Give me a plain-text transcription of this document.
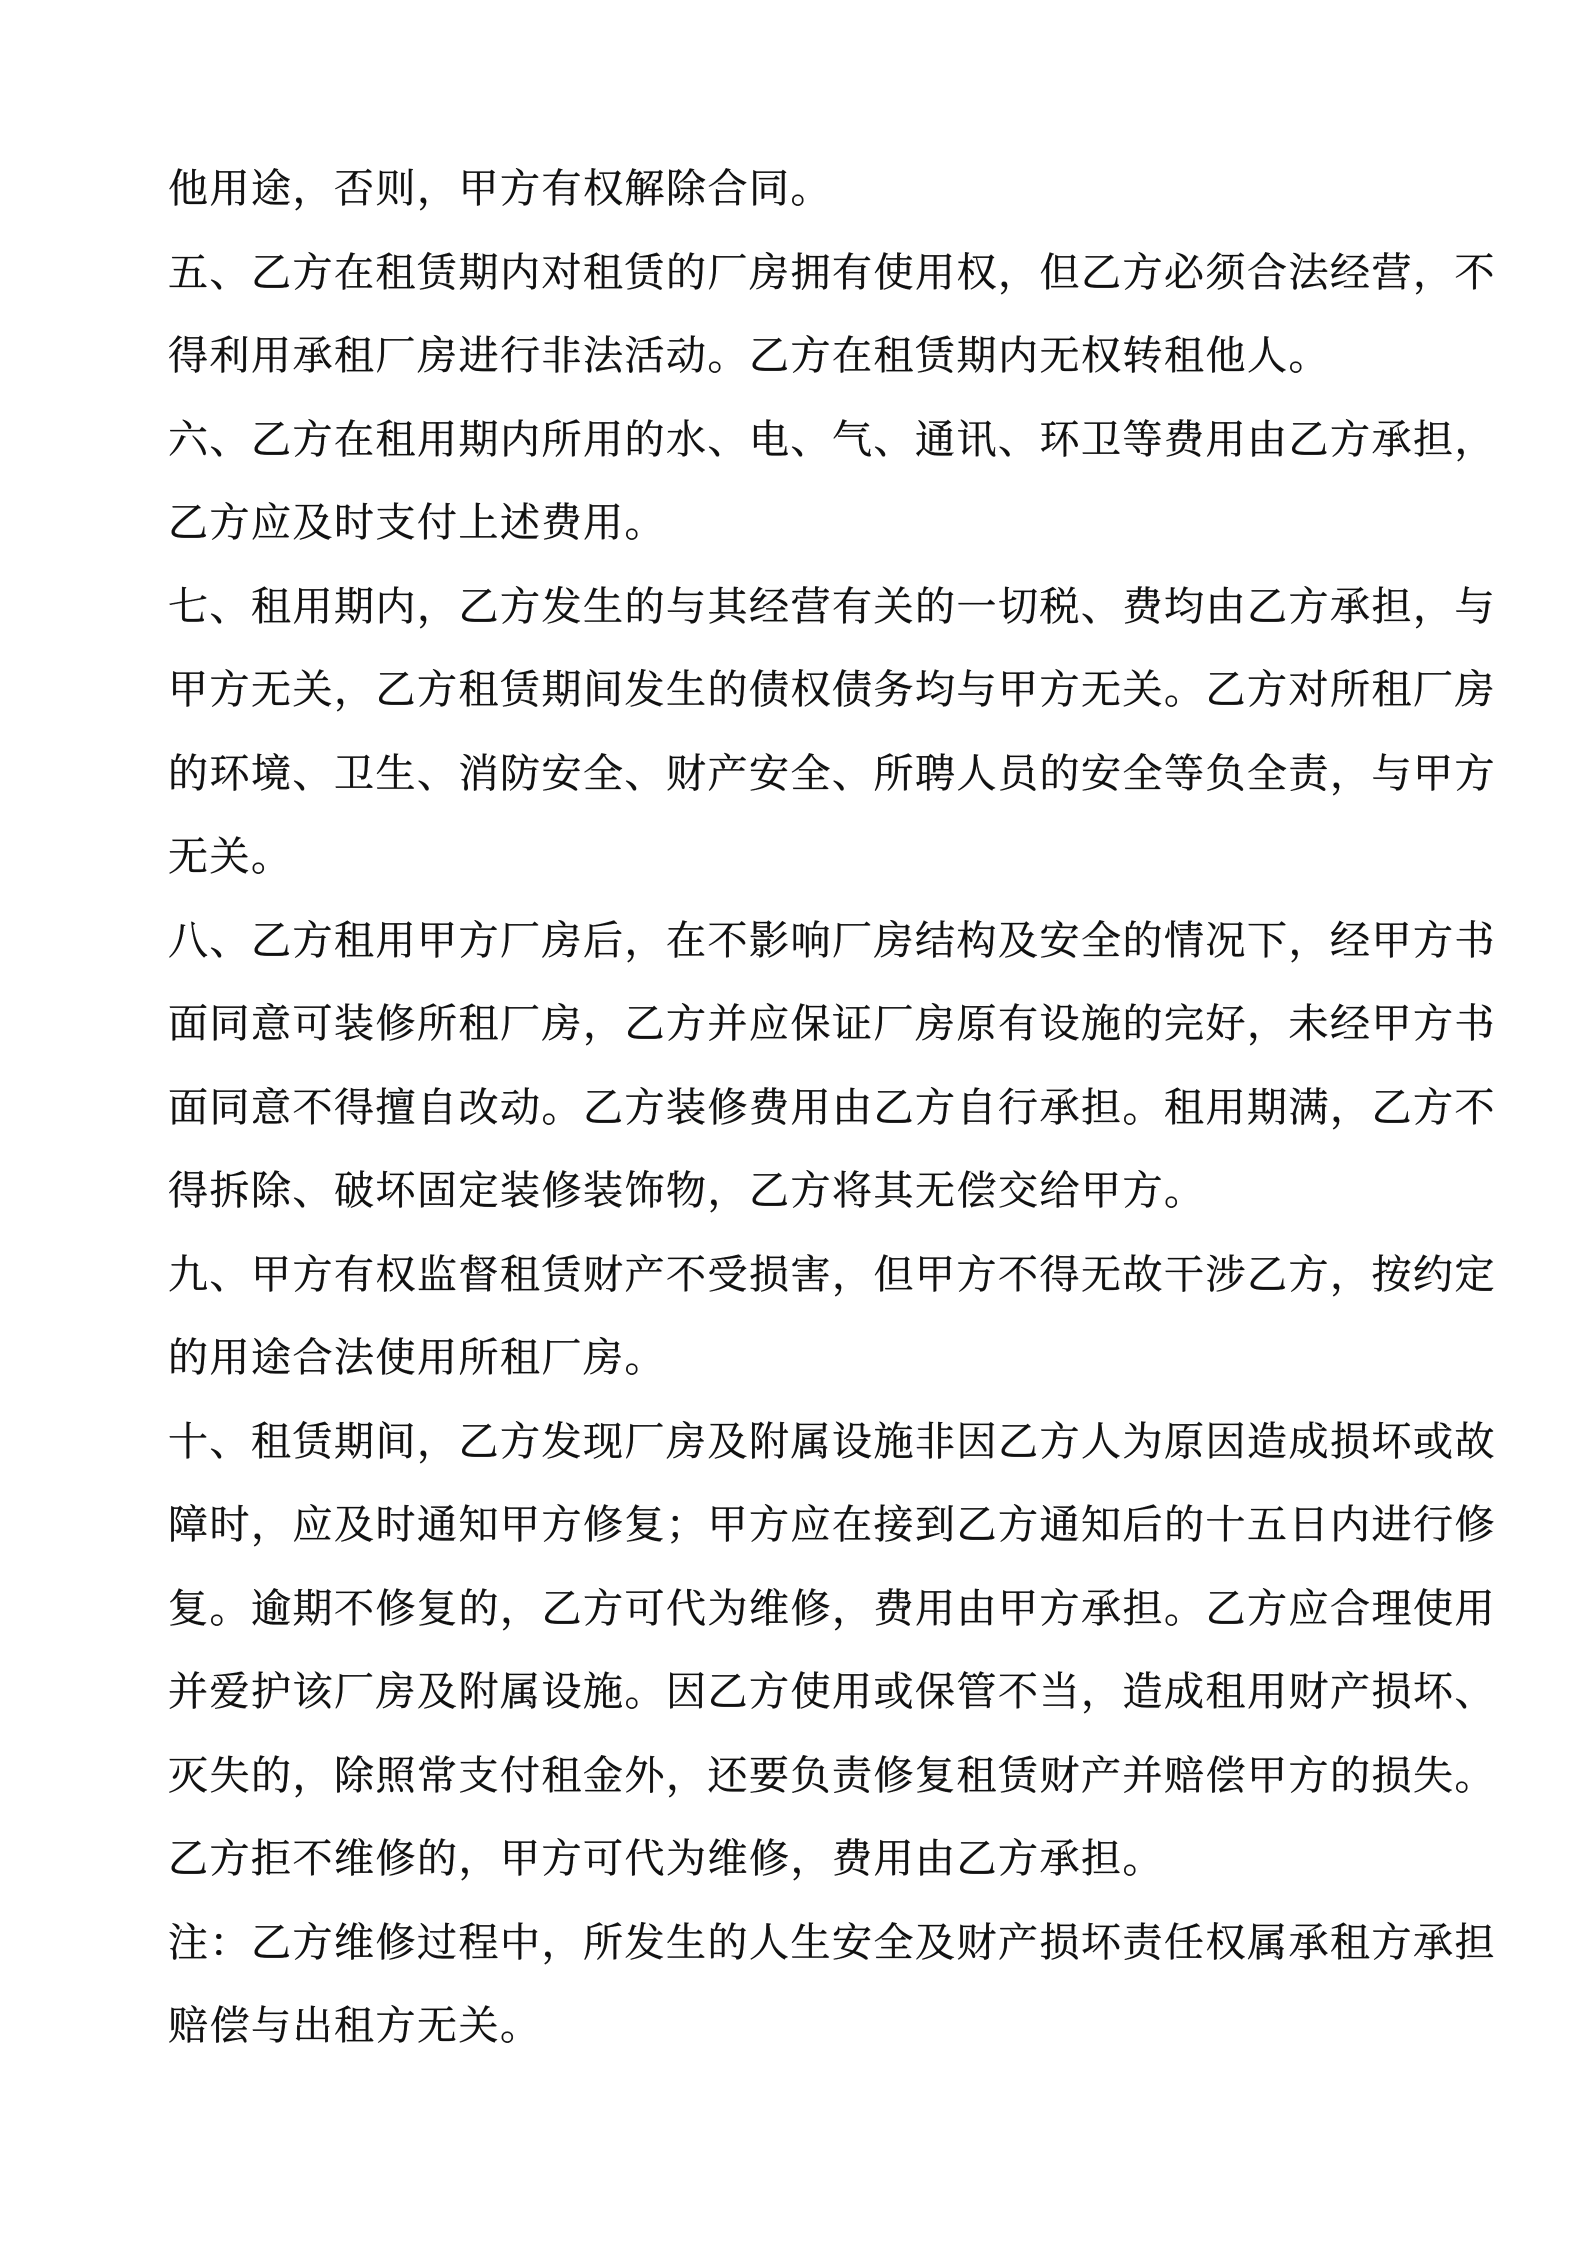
他用途，否则，甲方有权解除合同。
五、乙方在租赁期内对租赁的厂房拥有使用权，但乙方必须合法经营，不
得利用承租厂房进行非法活动。乙方在租赁期内无权转租他人。
六、乙方在租用期内所用的水、电、气、通讯、环卫等费用由乙方承担，
乙方应及时支付上述费用。
七、租用期内，乙方发生的与其经营有关的一切税、费均由乙方承担，与
甲方无关，乙方租赁期间发生的债权债务均与甲方无关。乙方对所租厂房
的环境、卫生、消防安全、财产安全、所聘人员的安全等负全责，与甲方
无关。
八、乙方租用甲方厂房后，在不影响厂房结构及安全的情况下，经甲方书
面同意可装修所租厂房，乙方并应保证厂房原有设施的完好，未经甲方书
面同意不得擅自改动。乙方装修费用由乙方自行承担。租用期满，乙方不
得拆除、破坏固定装修装饰物，乙方将其无偿交给甲方。
九、甲方有权监督租赁财产不受损害，但甲方不得无故干涉乙方，按约定
的用途合法使用所租厂房。
十、租赁期间，乙方发现厂房及附属设施非因乙方人为原因造成损坏或故
障时，应及时通知甲方修复；甲方应在接到乙方通知后的十五日内进行修
复。逾期不修复的，乙方可代为维修，费用由甲方承担。乙方应合理使用
并爱护该厂房及附属设施。因乙方使用或保管不当，造成租用财产损坏、
灭失的，除照常支付租金外，还要负责修复租赁财产并赔偿甲方的损失。
乙方拒不维修的，甲方可代为维修，费用由乙方承担。
注：乙方维修过程中，所发生的人生安全及财产损坏责任权属承租方承担
赔偿与出租方无关。
